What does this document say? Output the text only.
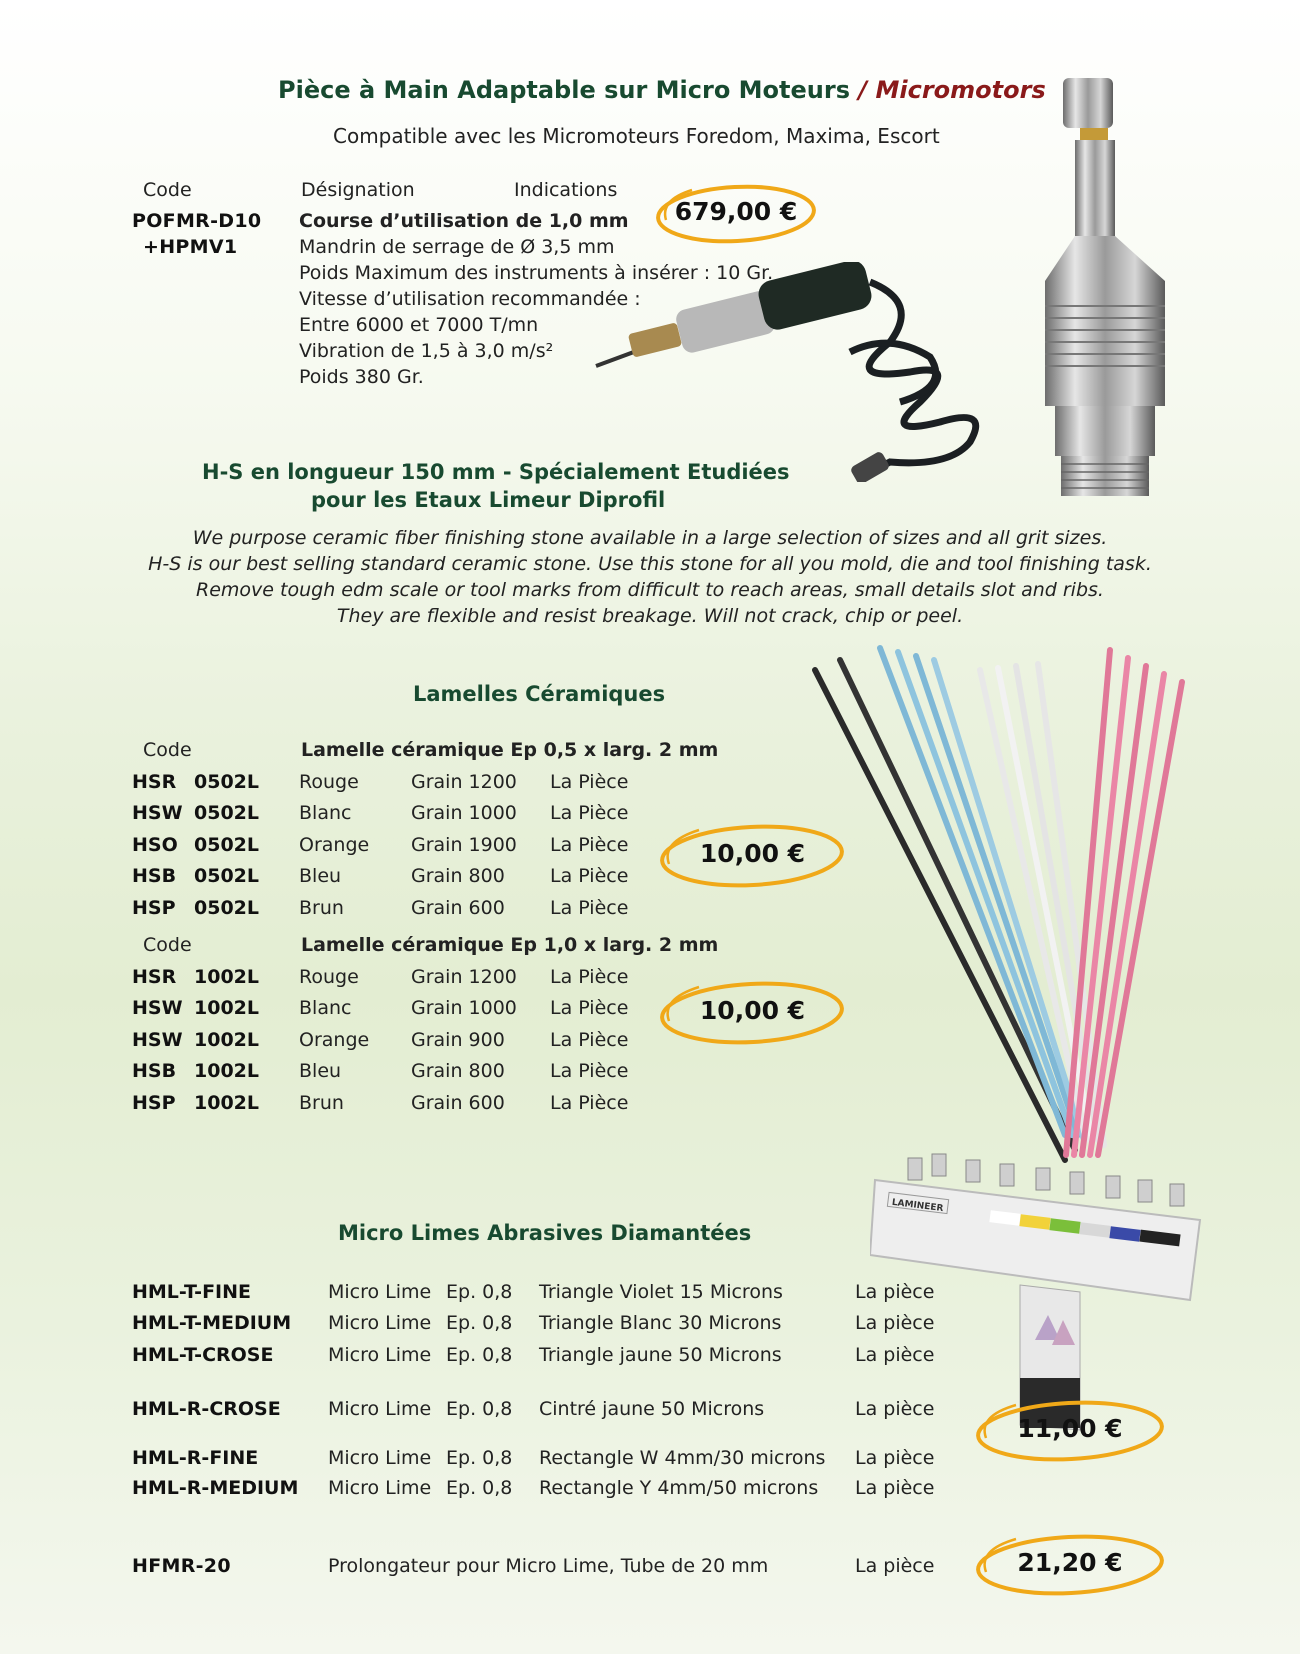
Pièce à Main Adaptable sur Micro Moteurs / Micromotors
Compatible avec les Micromoteurs Foredom, Maxima, Escort
Code	Désignation	Indications
POFMR-D10
+HPMV1
Course d’utilisation de 1,0 mm
Mandrin de serrage de Ø 3,5 mm
Poids Maximum des instruments à insérer : 10 Gr.
Vitesse d’utilisation recommandée :
Entre 6000 et 7000 T/mn
Vibration de 1,5 à 3,0 m/s²
Poids 380 Gr.
679,00 €
H-S en longueur 150 mm - Spécialement Etudiées
pour les Etaux Limeur Diprofil
We purpose ceramic fiber finishing stone available in a large selection of sizes and all grit sizes.
H-S is our best selling standard ceramic stone. Use this stone for all you mold, die and tool finishing task.
Remove tough edm scale or tool marks from difficult to reach areas, small details slot and ribs.
They are flexible and resist breakage. Will not crack, chip or peel.
Lamelles Céramiques
Code	Lamelle céramique Ep 0,5 x larg. 2 mm
HSR	0502L	Rouge	Grain 1200	La Pièce
HSW	0502L	Blanc	Grain 1000	La Pièce
HSO	0502L	Orange	Grain 1900	La Pièce
HSB	0502L	Bleu	Grain 800	La Pièce
HSP	0502L	Brun	Grain 600	La Pièce
10,00 €
Code	Lamelle céramique Ep 1,0 x larg. 2 mm
HSR	1002L	Rouge	Grain 1200	La Pièce
HSW	1002L	Blanc	Grain 1000	La Pièce
HSW	1002L	Orange	Grain 900	La Pièce
HSB	1002L	Bleu	Grain 800	La Pièce
HSP	1002L	Brun	Grain 600	La Pièce
10,00 €
LAMINEER
Micro Limes Abrasives Diamantées
HML-T-FINE	Micro Lime	Ep. 0,8	Triangle Violet 15 Microns	La pièce
HML-T-MEDIUM	Micro Lime	Ep. 0,8	Triangle Blanc 30 Microns	La pièce
HML-T-CROSE	Micro Lime	Ep. 0,8	Triangle jaune 50 Microns	La pièce
HML-R-CROSE	Micro Lime	Ep. 0,8	Cintré jaune 50 Microns	La pièce
HML-R-FINE	Micro Lime	Ep. 0,8	Rectangle W 4mm/30 microns	La pièce
HML-R-MEDIUM	Micro Lime	Ep. 0,8	Rectangle Y 4mm/50 microns	La pièce
11,00 €
HFMR-20	Prolongateur pour Micro Lime, Tube de 20 mm	La pièce	21,20 €
